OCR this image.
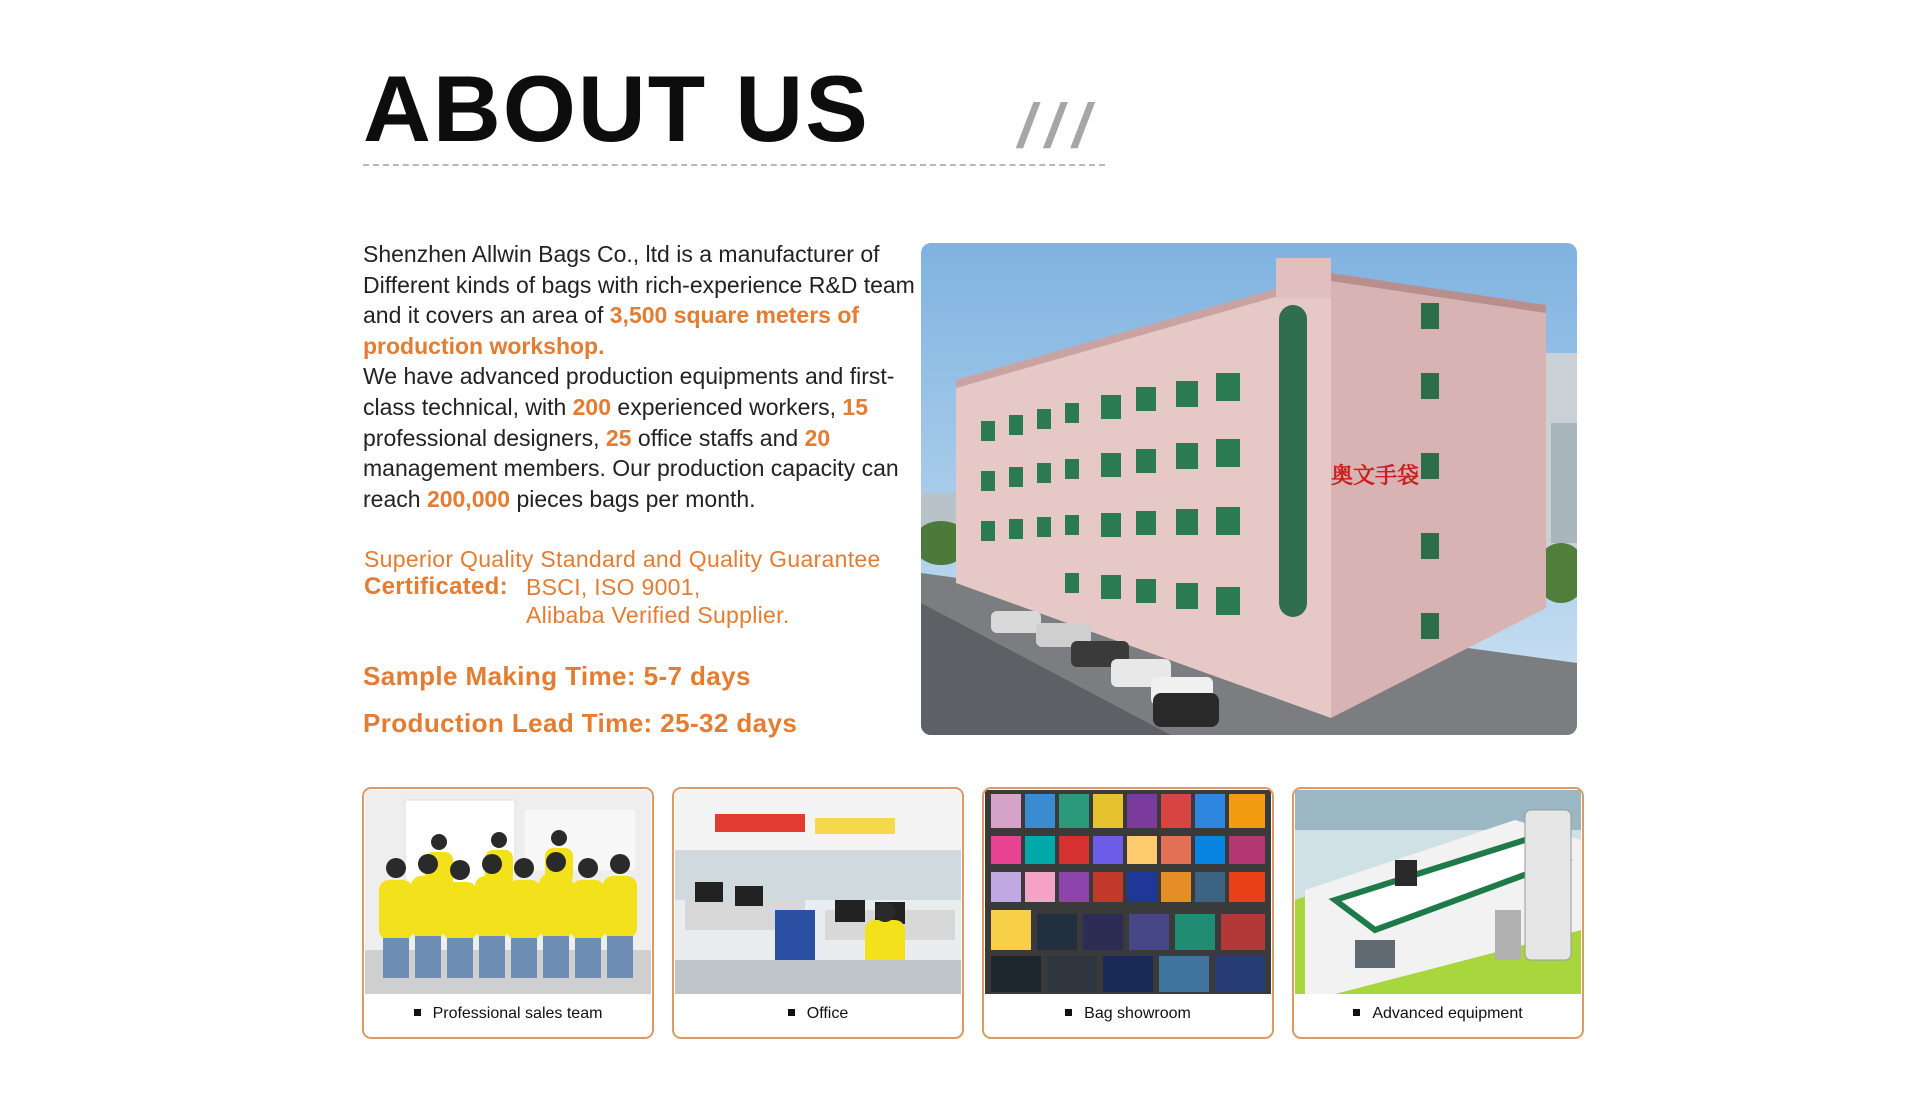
ABOUT US ///
Shenzhen Allwin Bags Co., ltd is a manufacturer of Different kinds of bags with rich-experience R&D team and it covers an area of 3,500 square meters of production workshop.
We have advanced production equipments and first-class technical, with 200 experienced workers, 15 professional designers, 25 office staffs and 20 management members. Our production capacity can reach 200,000 pieces bags per month.
Superior Quality Standard and Quality Guarantee
Certificated: BSCI, ISO 9001,
Alibaba Verified Supplier.
Sample Making Time: 5-7 days
Production Lead Time: 25-32 days
奥文手袋
Professional sales team	Office	Bag showroom	Advanced equipment
